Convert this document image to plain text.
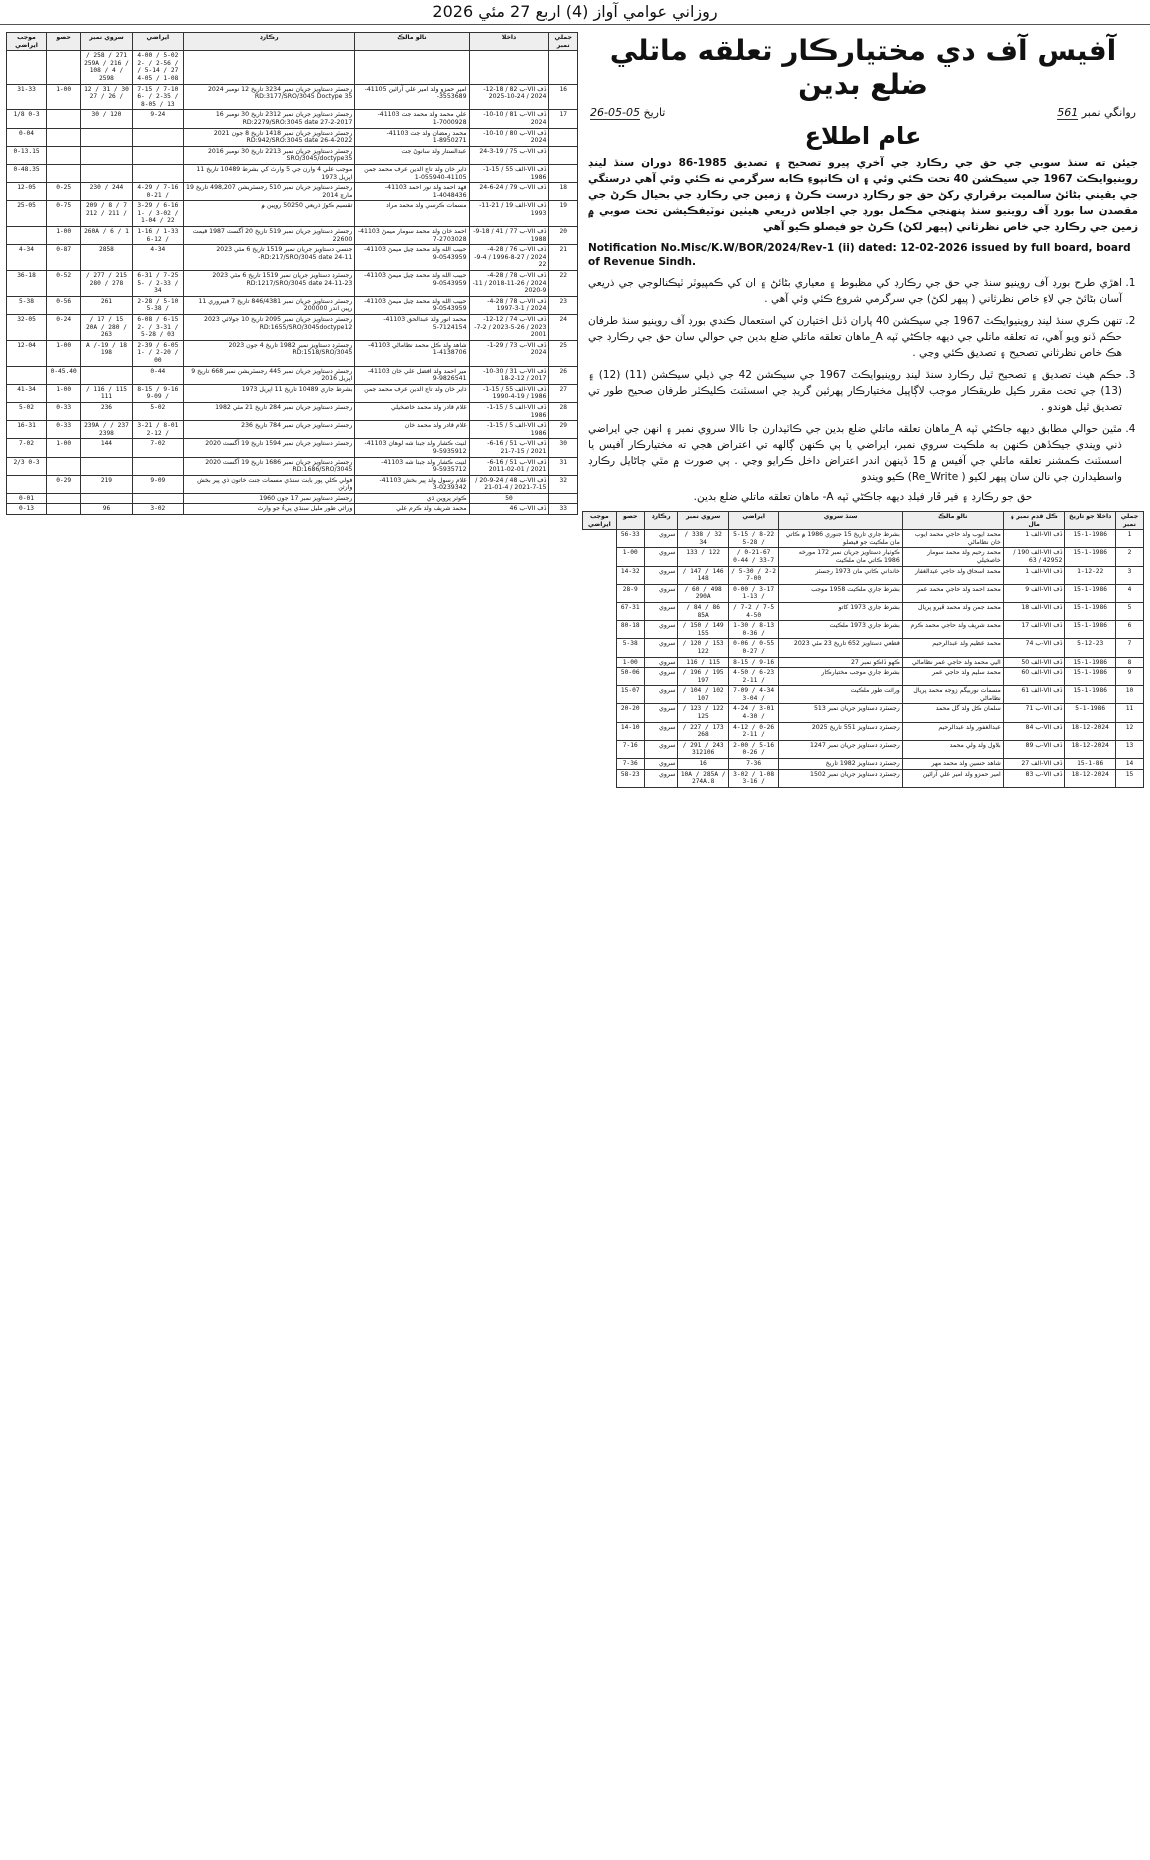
روزاني عوامي آواز (4) اربع 27 مئي 2026
آفيس آف دي مختيارڪار تعلقه ماتلي ضلع بدين
روانگي نمبر 561
تاريخ 05-05-26
عام اطلاع
جيئن ته سنڌ سوبي جي حق جي رڪارڊ جي آخري پيرو تصحيح ۽ تصديق 1985-86 دوران سنڌ لينڊ روينيوايڪٽ 1967 جي سيڪشن 40 تحت ڪئي وئي ۽ ان ڪانپوءِ ڪابه سرگرمي نه ڪئي وئي آهي درستگي جي يقيني بڻائڻ سالميت برقراري رکڻ حق جو رڪارڊ درست ڪرڻ ۽ زمين جي رڪارڊ جي بحيال ڪرڻ جي مقصدن سا بورڊ آف روينيو سنڌ پنهنجي مڪمل بورڊ جي اجلاس ذريعي هيٺين نوٽيفڪيشن تحت صوبي ۾ زمين جي رڪارڊ جي خاص نظرثاني (پيهر لکڻ) ڪرڻ جو فيصلو ڪيو آهي
Notification No.Misc/K.W/BOR/2024/Rev-1 (ii) dated: 12-02-2026 issued by full board, board of Revenue Sindh.
1. اهڙي طرح بورڊ آف روينيو سنڌ جي حق جي رڪارڊ کي مظبوط ۽ معياري بڻائڻ ۽ ان کي ڪمپيوٽر ٽيڪنالوجي جي ذريعي آسان بڻائڻ جي لاءِ خاص نظرثاني ( پيهر لکڻ) جي سرگرمي شروع ڪئي وئي آهي .
2. تنهن ڪري سنڌ لينڊ روينيوايڪٽ 1967 جي سيڪشن 40 پاران ڏنل اختيارن کي استعمال ڪندي بورڊ آف روينيو سنڌ طرفان حڪم ڏنو ويو آهي، ته تعلقه ماتلي جي ديهه جاڪڻي ٽپه A_ماهان تعلقه ماتلي ضلع بدين جي حوالي سان حق جي رڪارڊ جي هڪ خاص نظرثاني تصحيح ۽ تصديق ڪئي وڃي .
3. حڪم هيٺ تصديق ۽ تصحيح ٿيل رڪارڊ سنڌ لينڊ روينيوايڪٽ 1967 جي سيڪشن 42 جي ذيلي سيڪشن (11) (12) ۽ (13) جي تحت مقرر ڪيل طريقڪار موجب لاڳاپيل مختيارڪار پهرئين گريڊ جي اسسٽنٽ ڪليڪٽر طرفان صحيح طور تي تصديق ٿيل هوندو .
4. مٿين حوالي مطابق ديهه جاڪڻي ٽپه A_ماهان تعلقه ماتلي ضلع بدين جي ڪاٽيدارن جا ناالا سروي نمبر ۽ انهن جي ايراضي ذني ويندي جيڪڏهن ڪنهن به ملڪيت سروي نمبر، ايراضي يا ٻي ڪنهن ڳالهه تي اعتراض هجي ته مختيارڪار آفيس يا اسسٽنٽ ڪمشنر تعلقه ماتلي جي آفيس ۾ 15 ڏينهن اندر اعتراض داخل ڪرايو وڃي . ٻي صورت ۾ مٿي ڄاڻايل رڪارڊ واسطيدارن جي نالن سان پيهر لکيو ( Re_Write) ڪيو ويندو
حق جو رڪارڊ ۽ فير ڦار فيلڊ ديهه جاڪڻي ٽپه A- ماهان تعلقه ماتلي ضلع بدين.
جملي نمبر	داخلا جو تاريخ	ڪل قدم نمبر ۽ مال	نالو مالڪ	سنڌ سروي	ايراضي	سروي نمبر	رڪارڊ	حصو	موجب ايراضي
1	15-1-1986	ڏف VII-الف 1	محمد ايوب ولد حاجي محمد ايوب خان نظاماڻي	بشرط جاري تاريخ 15 جنوري 1986 ۾ ڪاتي مان ملڪيت جو فيصلو	8-22 / 5-15 / 5-28	32 / 338 / 34	سروي	56-33	
2	15-1-1986	ڏف VII-الف 190 / 42952 / 63	محمد رحيم ولد محمد سومار خاصخيلي	ڪوٺيار دستاويز جريان نمبر 172 مورخه 1986 ڪاتي مان ملڪيت	0-21-67 / 33-7 / 0-44	122 / 133	سروي	1-00	
3	1-12-22	ڏف VII-الف 1	محمد اسحاق ولد حاجي عبدالغفار	خانداني ڪاتي مان 1973 رجسٽر	2-2 / 5-30 / 7-00	146 / 147 / 148	سروي	14-32	
4	15-1-1986	ڏف VII-الف 9	محمد احمد ولد حاجي محمد عمر	بشرط جاري ملڪيت 1958 موجب	3-17 / 0-00 / 1-13	498 / 60 / 290A	سروي	28-9	
5	15-1-1986	ڏف VII-الف 18	محمد جمن ولد محمد ڦيرو پريال	بشرط جاري 1973 کاتو	7-5 / 7-2 / 4-50	86 / 84 / 85A	سروي	67-31	
6	15-1-1986	ڏف VII-الف 17	محمد شريف ولد حاجي محمد ڪرم	بشرط جاري 1973 ملڪيت	8-13 / 1-30 / 0-36	149 / 150 / 155	سروي	80-18	
7	5-12-23	ڏف VII-ب 74	محمد عظيم ولد عبدالرحيم	قطعي دستاويز 652 تاريخ 23 مئي 2023	0-55 / 0-06 / 0-27	153 / 120 / 122	سروي	5-38	
8	15-1-1986	ڏف VII-الف 50	اليي محمد ولد حاجي عمر نظاماڻي	ڪهو ڏاڪو نمبر 27	9-16 / 8-15	115 / 116	سروي	1-00	
9	15-1-1986	ڏف VII-الف 60	محمد سليم ولد حاجي عمر	بشرط جاري موجب مختيارڪار	6-23 / 4-50 / 2-11	195 / 196 / 197	سروي	50-06	
10	15-1-1986	ڏف VII-الف 61	مسمات نوربيگم زوجه محمد پريال نظاماڻي	وراثت طور ملڪيت	4-34 / 7-09 / 3-04	102 / 104 / 107	سروي	15-07	
11	5-1-1986	ڏف VII-ب 71	سلمان ڪل ولد گل محمد	رجسٽرڊ دستاويز جريان نمبر 513	3-01 / 4-24 / 4-30	122 / 123 / 125	سروي	20-20	
12	18-12-2024	ڏف VII-ب 84	عبدالغفور ولد عبدالرحيم	رجسٽرڊ دستاويز 551 تاريخ 2025	0-26 / 4-12 / 2-11	173 / 227 / 268	سروي	14-10	
13	18-12-2024	ڏف VII-ب 89	بلاول ولد ولي محمد	رجسٽرڊ دستاويز جريان نمبر 1247	5-16 / 2-00 / 0-26	243 / 291 / 312106	سروي	7-16	
14	15-1-86	ڏف VII-الف 27	شاهد حسين ولد محمد مهر	رجسٽرڊ دستاويز 1982 تاريخ	7-36	16	سروي	7-36	
15	18-12-2024	ڏف VII-ب 83	امير حمزو ولد امير علي آرائين	رجسٽرڊ دستاويز جريان نمبر 1502	1-08 / 3-02 / 3-16	10A / 285A / 274A.8	سروي	58-23	
جملي نمبر	داخلا	نالو مالڪ	رڪارڊ	ايراضي	سروي نمبر	حصو	موجب ايراضي
				5-02 / 4-00 / 2-56 / 2-27 / 5-14 / 1-08 / 4-05	271 / 258 / 259A / 216 / 108 / 4 / 2598		
16	ڏف VII-ب 82 / 18-12-2024 / 24-10-2025	امير حمزو ولد امير علي آرائين 41105-3553689-	رجسٽر دستاويز جريان نمبر 3234 تاريخ 12 نومبر 2024 RD:3177/SRO/3045 Doctype 35	7-10 / 7-15 / 2-35 / 6-13 / 8-05	30 / 31 / 12 / 26 / 27	1-00	31-33
17	ڏف VII-ب 81 / 10-10-2024	علي محمد ولد محمد جت 41103-7000928-1	رجسٽر دستاويز جريان نمبر 2312 تاريخ 30 نومبر 16 RD:2279/SRO:3045 date 27-2-2017	9-24	120 / 30		0-3 1/8
	ڏف VII-ب 80 / 10-10-2024	محمد رمضان ولد جت 41103-8950271-1	رجسٽر دستاويز جريان نمبر 1418 تاريخ 8 جون 2021 RD:942/SRO:3045 date 26-4-2022				0-04
	ڏف VII-ب 75 / 19-3-24	عبدالستار ولد سانوڻ جت	رجسٽر دستاويز جريان نمبر 2213 تاريخ 30 نومبر 2016 SRO/3045/doctype35				0-13.15
	ڏف VII-الف 55 / 15-1-1986	ذاير خان ولد تاج الدين عرف محمد جمن 41105-055940-1	موجب علي 4 وارن جي 5 وارث کي بشرط 10489 تاريخ 11 اپريل 1973				0-48.35
18	ڏف VII-ب 79 / 24-6-24	فهد احمد ولد نور احمد 41103-4048436-1	رجسٽر دستاويز جريان نمبر 510 رجسٽريشن 498,207 تاريخ 19 مارچ 2014	7-16 / 4-29 / 0-21	244 / 230	0-25	12-05
19	ڏف VII-الف 19 / 21-11-1993	مسمات ڪرسي ولد محمد مراد	تقسيم ڪوڙ ذريعي 50250 روپين ۾	6-16 / 3-29 / 3-02 / 1-22 / 1-04	7 / 8 / 209 / 211 / 212	0-75	25-05
20	ڏف VII-ب 77 / 41 / 18-9-1988	احمد خان ولد محمد سومار ميمڻ 41103-2703028-7	رجسٽر دستاويز جريان نمبر 519 تاريخ 20 آگسٽ 1987 قيمت 22600	1-33 / 1-16 / 6-12	1 / 260A / 6	1-00	
21	ڏف VII-ب 76 / 28-4-2024 / 27-8-1996 / 4-9-22	حبيب الله ولد محمد چيل ميمڻ 41103-0543959-9	جنسي دستاويز جريان نمبر 1519 تاريخ 6 مئي 2023 RD:217/SRO/3045 date 24-11-	4-34	2858	0-87	4-34
22	ڏف VII-ب 78 / 28-4-2024 / 26-11-2018 / 11-9-2020	حبيب الله ولد محمد چيل ميمڻ 41103-0543959-9	رجسٽرڊ دستاويز جريان نمبر 1519 تاريخ 6 مئي 2023 RD:1217/SRO/3045 date 24-11-23	7-25 / 6-31 / 2-33 / 5-34	215 / 277 / 278 / 280	0-52	36-18
23	ڏف VII-ب 78 / 28-4-2024 / 1-3-1997	حبيب الله ولد محمد چيل ميمڻ 41103-0543959-9	رجسٽر دستاويز جريان نمبر 846/4381 تاريخ 7 فيبروري 11 رپين اندر 200000	5-10 / 2-28 / 5-38	261	0-56	5-38
24	ڏف VII-ب 74 / 12-12-2023 / 26-5-2023 / 2-7-2001	محمد انور ولد عبدالحق 41103-7124154-5	رجسٽر دستاويز جريان نمبر 2095 تاريخ 10 جولائي 2023 RD:1655/SRO/3045doctype12	6-15 / 6-08 / 3-31 / 2-03 / 5-28	15 / 17 / 20A / 280 / 263	0-24	32-05
25	ڏف VII-ب 73 / 29-1-2024	شاهد ولد ڪل محمد نظاماڻي 41103-4138706-1	رجسٽرڊ دستاويز نمبر 1982 تاريخ 4 جون 2023 RD:1518/SRO/3045	6-05 / 2-39 / 2-20 / 1-00	18 / 19-A / 198	1-00	12-04
26	ڏف VII-ب 31 / 30-10-2017 / 12-2-18	مير احمد ولد افضل علي خان 41103-9826541-9	رجسٽر دستاويز جريان نمبر 445 رجسٽريشن نمبر 668 تاريخ 9 اپريل 2016	0-44		0-45.40	
27	ڏف VII-الف 55 / 15-1-1986 / 19-4-1990	ذاير خان ولد تاج الدين عرف محمد جمن	بشرط جاري 10489 تاريخ 11 اپريل 1973	9-16 / 8-15 / 9-09	115 / 116 / 111	1-00	41-34
28	ڏف VII-الف 5 / 15-1-1986	غلام قادر ولد محمد خاصخيلي	رجسٽر دستاويز جريان نمبر 284 تاريخ 21 مئي 1982	5-02	236	0-33	5-02
29	ڏف VII-الف 5 / 15-1-1986	غلام قادر ولد محمد خان	رجسٽر دستاويز جريان نمبر 784 تاريخ 236	8-01 / 3-21 / 2-12	237 / 239A / 2398	0-33	16-31
30	ڏف VII-ب 51 / 16-6-2021 / 15-7-21	لنيت ڪشار ولد جبنا شه لوهان 41103-5935912-9	رجسٽر دستاويز جريان نمبر 1594 تاريخ 19 آگسٽ 2020	7-02	144	1-00	7-02
31	ڏف VII-ب 51 / 16-6-2021 / 01-02-2011	لنيت ڪشار ولد جبنا شه 41103-5935712-9	رجسٽر دستاويز جريان نمبر 1686 تاريخ 19 آگسٽ 2020 RD:1686/SRO/3045				0-3 2/3
32	ڏف VII-ب 48 / 24-9-20 / 15-7-2021 / 4-01-21	غلام رسول ولد پير بخش 41103-0239342-3	فولي ڪلي پور بابت سنڌي مسمات جنت خاتون ذي پير بخش وارثن	9-09	219	0-29	
	50	ڪوثر پروين ڌي	رجسٽر دستاويز نمبر 17 جون 1960				0-01
33	ڏف VII-ب 46	محمد شريف ولد ڪرم علي	وراثي طور مليل سنڌي پيءُ جو وارث	3-02	96		0-13
